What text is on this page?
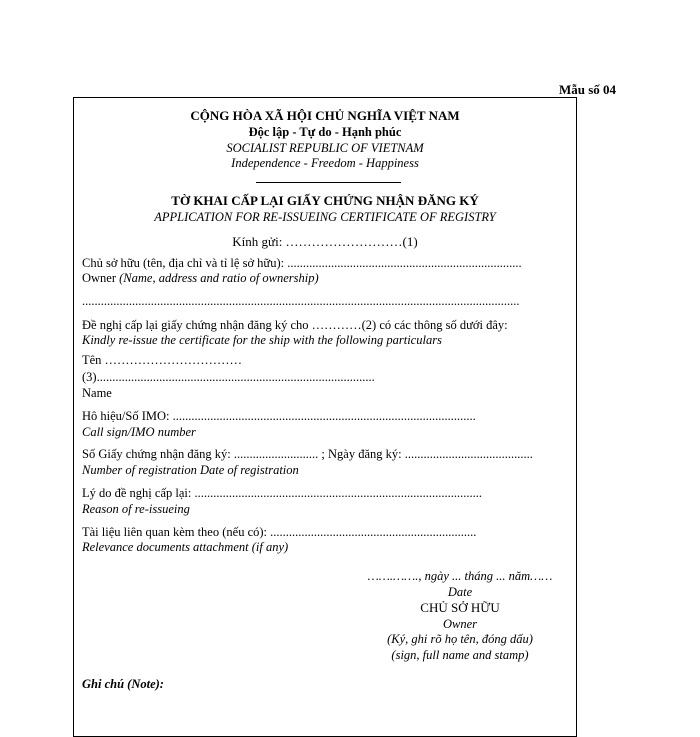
Mẫu số 04
CỘNG HÒA XÃ HỘI CHỦ NGHĨA VIỆT NAM
Độc lập - Tự do - Hạnh phúc
SOCIALIST REPUBLIC OF VIETNAM
Independence - Freedom - Happiness
TỜ KHAI CẤP LẠI GIẤY CHỨNG NHẬN ĐĂNG KÝ
APPLICATION FOR RE-ISSUEING CERTIFICATE OF REGISTRY
Kính gửi: ………………………(1)
Chủ sở hữu (tên, địa chỉ và tỉ lệ sở hữu): ...........................................................................
Owner (Name, address and ratio of ownership)
............................................................................................................................................
Đề nghị cấp lại giấy chứng nhận đăng ký cho …………(2) có các thông số dưới đây:
Kindly re-issue the certificate for the ship with the following particulars
Tên ……………………………
(3).........................................................................................
Name
Hô hiệu/Số IMO: .................................................................................................
Call sign/IMO number
Số Giấy chứng nhận đăng ký: ........................... ; Ngày đăng ký: .........................................
Number of registration Date of registration
Lý do đề nghị cấp lại: ............................................................................................
Reason of re-issueing
Tài liệu liên quan kèm theo (nếu có): ..................................................................
Relevance documents attachment (if any)
Ghi chú (Note):
…….……., ngày ... tháng ... năm……
Date
CHỦ SỞ HỮU
Owner
(Ký, ghi rõ họ tên, đóng dấu)
(sign, full name and stamp)
